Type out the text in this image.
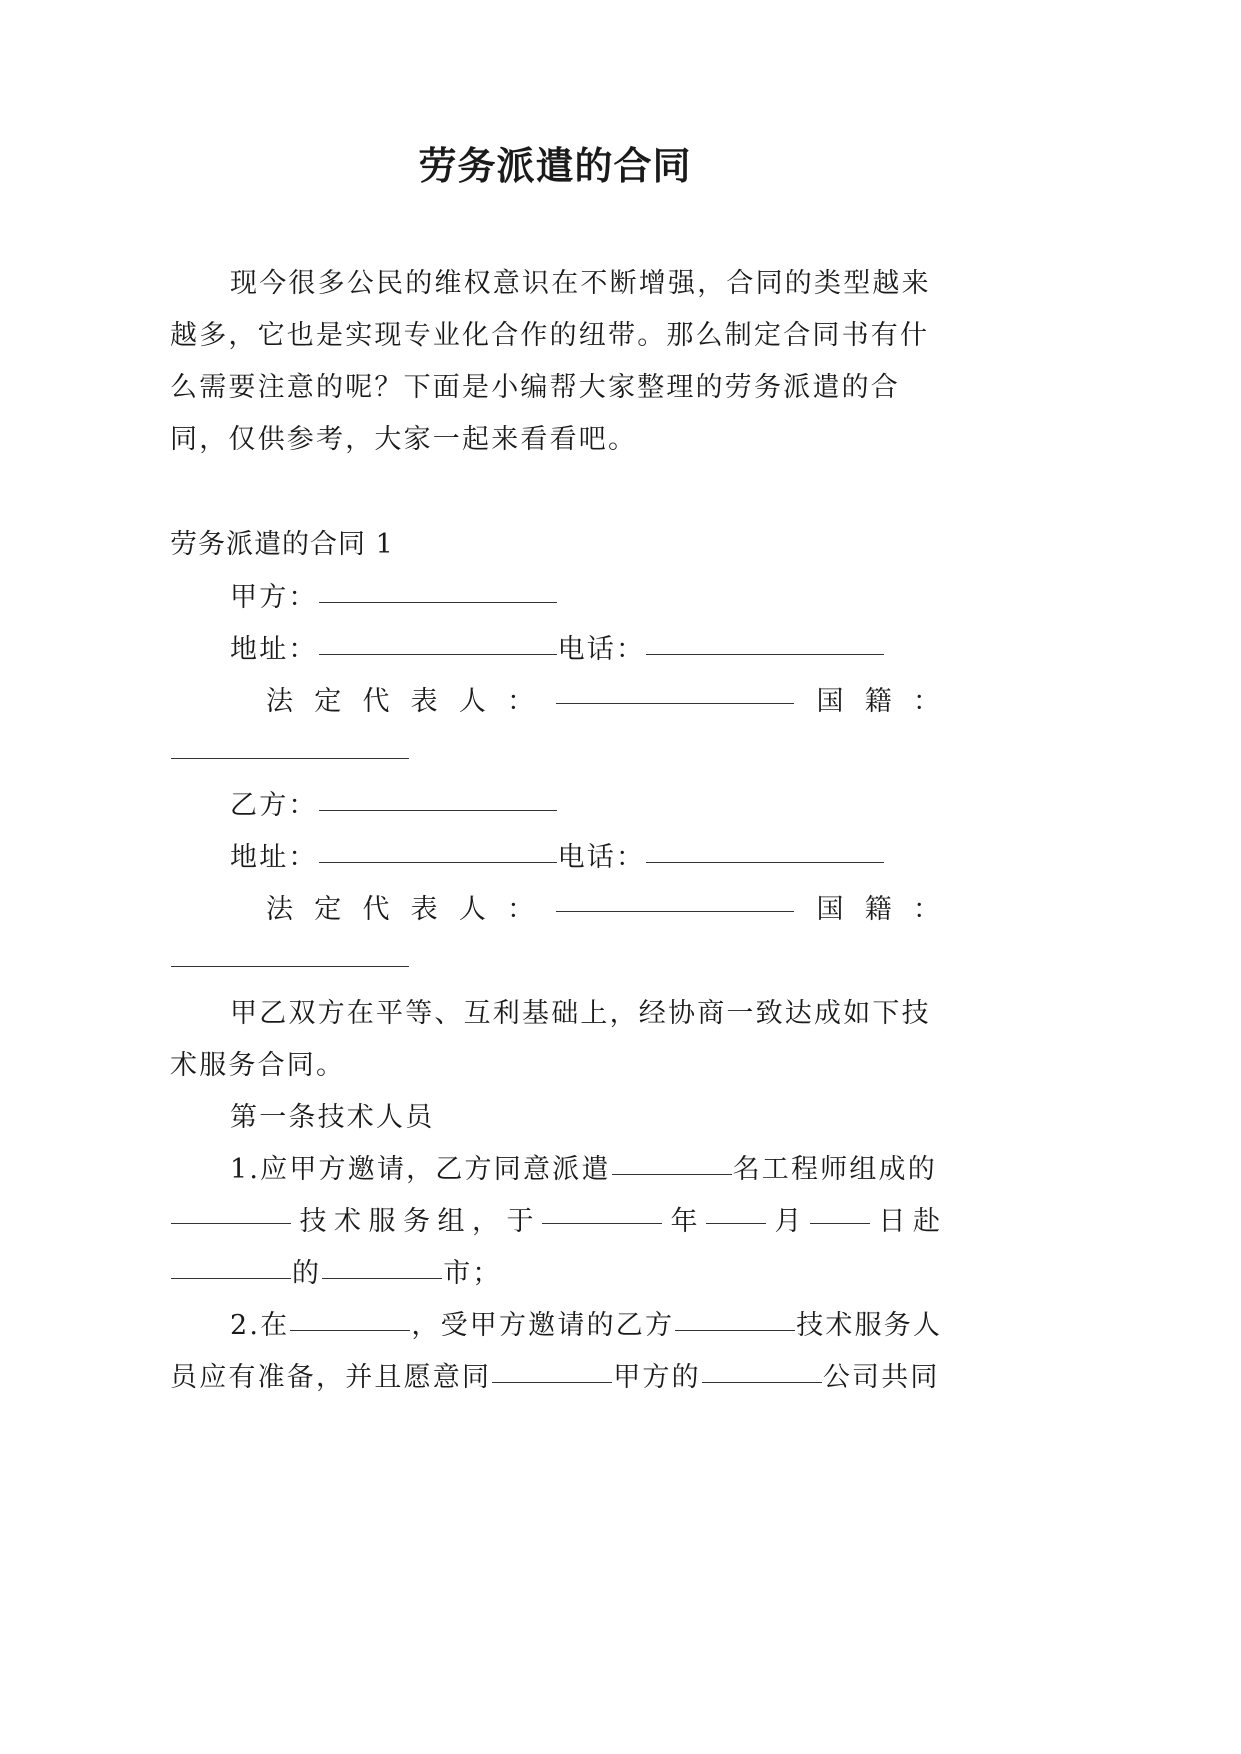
劳务派遣的合同
现今很多公民的维权意识在不断增强，合同的类型越来
越多，它也是实现专业化合作的纽带。那么制定合同书有什
么需要注意的呢？下面是小编帮大家整理的劳务派遣的合
同，仅供参考，大家一起来看看吧。
劳务派遣的合同 1
甲方：
地址：	电话：
法 定 代 表 人 ：	国 籍 ：
乙方：
地址：	电话：
法 定 代 表 人 ：	国 籍 ：
甲乙双方在平等、互利基础上，经协商一致达成如下技
术服务合同。
第一条技术人员
1.应甲方邀请，乙方同意派遣	名工程师组成的
技 术 服 务 组 ， 于	年	月	日 赴
的	市；
2.在	，受甲方邀请的乙方	技术服务人
员应有准备，并且愿意同	甲方的	公司共同
